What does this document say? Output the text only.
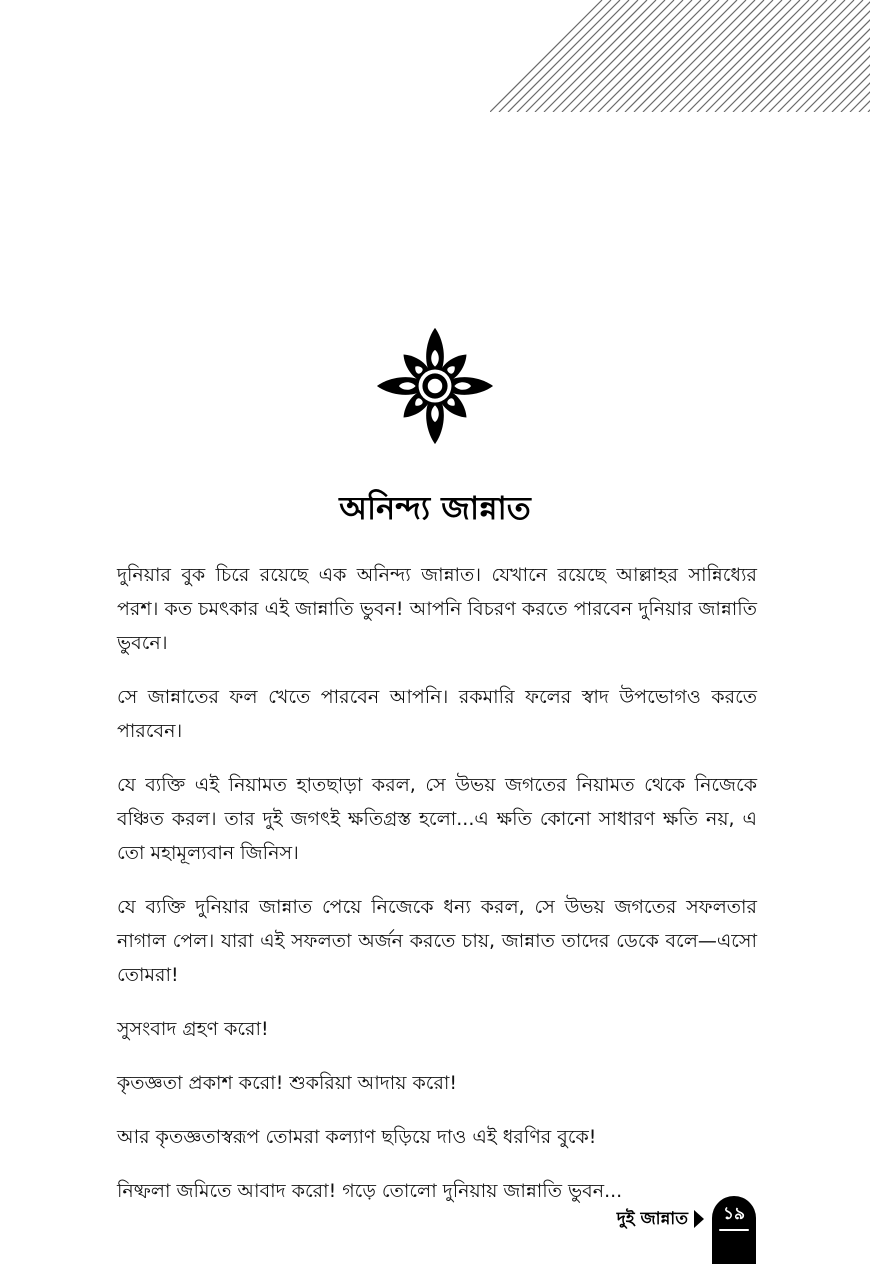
অনিন্দ্য জান্নাত

দুনিয়ার বুক চিরে রয়েছে এক অনিন্দ্য জান্নাত। যেখানে রয়েছে আল্লাহর সান্নিধ্যের পরশ। কত চমৎকার এই জান্নাতি ভুবন! আপনি বিচরণ করতে পারবেন দুনিয়ার জান্নাতি ভুবনে।

সে জান্নাতের ফল খেতে পারবেন আপনি। রকমারি ফলের স্বাদ উপভোগও করতে পারবেন।

যে ব্যক্তি এই নিয়ামত হাতছাড়া করল, সে উভয় জগতের নিয়ামত থেকে নিজেকে বঞ্চিত করল। তার দুই জগৎই ক্ষতিগ্রস্ত হলো...এ ক্ষতি কোনো সাধারণ ক্ষতি নয়, এ তো মহামূল্যবান জিনিস।

যে ব্যক্তি দুনিয়ার জান্নাত পেয়ে নিজেকে ধন্য করল, সে উভয় জগতের সফলতার নাগাল পেল। যারা এই সফলতা অর্জন করতে চায়, জান্নাত তাদের ডেকে বলে—এসো তোমরা!

সুসংবাদ গ্রহণ করো!

কৃতজ্ঞতা প্রকাশ করো! শুকরিয়া আদায় করো!

আর কৃতজ্ঞতাস্বরূপ তোমরা কল্যাণ ছড়িয়ে দাও এই ধরণির বুকে!

নিষ্ফলা জমিতে আবাদ করো! গড়ে তোলো দুনিয়ায় জান্নাতি ভুবন...

দুই জান্নাত	১৯
